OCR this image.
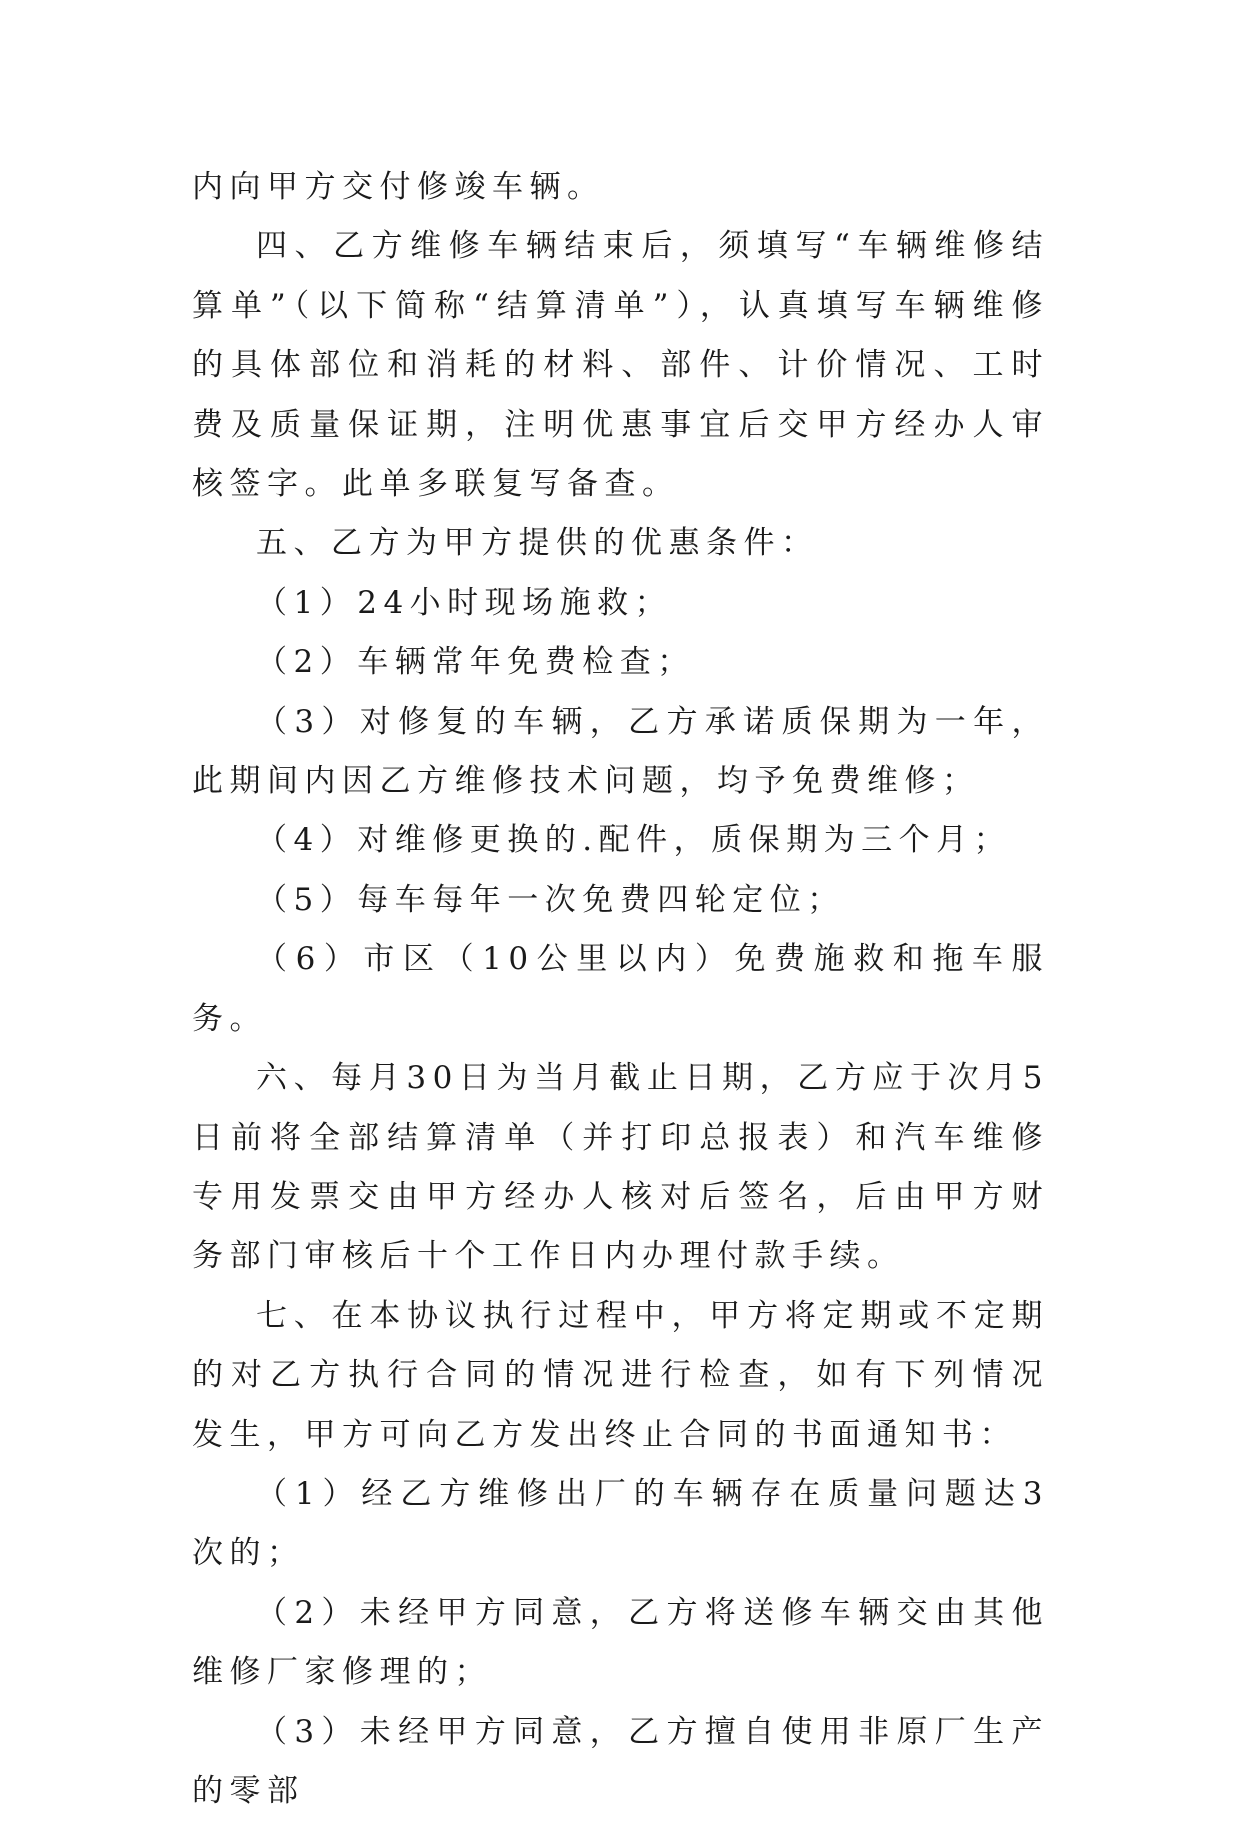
内向甲方交付修竣车辆。

四、乙方维修车辆结束后，须填写“车辆维修结算单”（以下简称“结算清单”），认真填写车辆维修的具体部位和消耗的材料、部件、计价情况、工时费及质量保证期，注明优惠事宜后交甲方经办人审核签字。此单多联复写备查。

五、乙方为甲方提供的优惠条件：

（1）24小时现场施救；

（2）车辆常年免费检查；

（3）对修复的车辆，乙方承诺质保期为一年，此期间内因乙方维修技术问题，均予免费维修；

（4）对维修更换的.配件，质保期为三个月；

（5）每车每年一次免费四轮定位；

（6）市区（10公里以内）免费施救和拖车服务。

六、每月30日为当月截止日期，乙方应于次月5日前将全部结算清单（并打印总报表）和汽车维修专用发票交由甲方经办人核对后签名，后由甲方财务部门审核后十个工作日内办理付款手续。

七、在本协议执行过程中，甲方将定期或不定期的对乙方执行合同的情况进行检查，如有下列情况发生，甲方可向乙方发出终止合同的书面通知书：

（1）经乙方维修出厂的车辆存在质量问题达3次的；

（2）未经甲方同意，乙方将送修车辆交由其他维修厂家修理的；

（3）未经甲方同意，乙方擅自使用非原厂生产的零部
